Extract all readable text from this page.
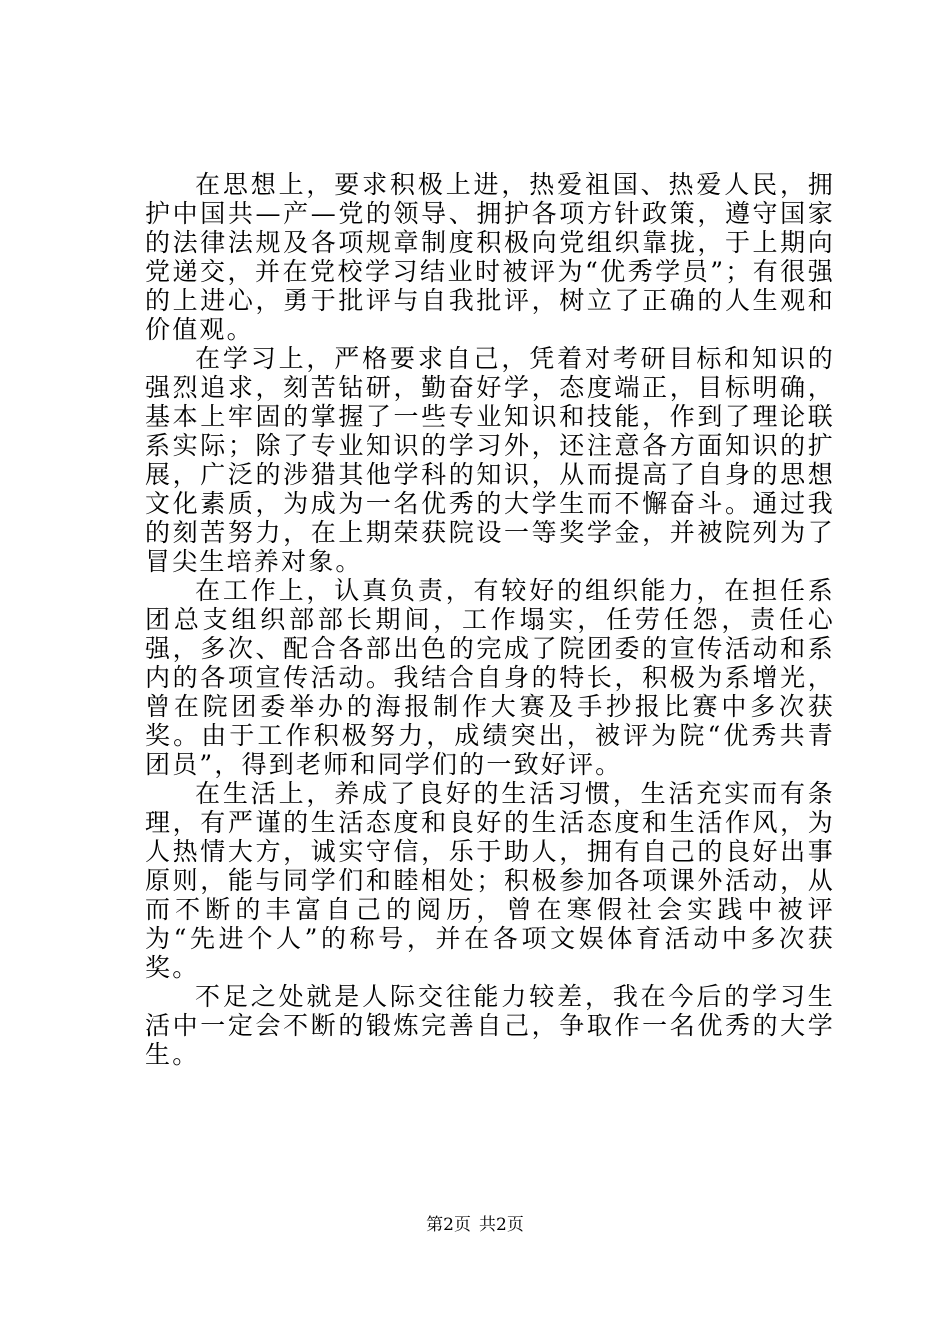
在思想上，要求积极上进，热爱祖国、热爱人民，拥护中国共—产—党的领导、拥护各项方针政策，遵守国家的法律法规及各项规章制度积极向党组织靠拢，于上期向党递交，并在党校学习结业时被评为“优秀学员”；有很强的上进心，勇于批评与自我批评，树立了正确的人生观和价值观。

在学习上，严格要求自己，凭着对考研目标和知识的强烈追求，刻苦钻研，勤奋好学，态度端正，目标明确，基本上牢固的掌握了一些专业知识和技能，作到了理论联系实际；除了专业知识的学习外，还注意各方面知识的扩展，广泛的涉猎其他学科的知识，从而提高了自身的思想文化素质，为成为一名优秀的大学生而不懈奋斗。通过我的刻苦努力，在上期荣获院设一等奖学金，并被院列为了冒尖生培养对象。

在工作上，认真负责，有较好的组织能力，在担任系团总支组织部部长期间，工作塌实，任劳任怨，责任心强，多次、配合各部出色的完成了院团委的宣传活动和系内的各项宣传活动。我结合自身的特长，积极为系增光，曾在院团委举办的海报制作大赛及手抄报比赛中多次获奖。由于工作积极努力，成绩突出，被评为院“优秀共青团员”，得到老师和同学们的一致好评。

在生活上，养成了良好的生活习惯，生活充实而有条理，有严谨的生活态度和良好的生活态度和生活作风，为人热情大方，诚实守信，乐于助人，拥有自己的良好出事原则，能与同学们和睦相处；积极参加各项课外活动，从而不断的丰富自己的阅历，曾在寒假社会实践中被评为“先进个人”的称号，并在各项文娱体育活动中多次获奖。

不足之处就是人际交往能力较差，我在今后的学习生活中一定会不断的锻炼完善自己，争取作一名优秀的大学生。

第2页 共2页
